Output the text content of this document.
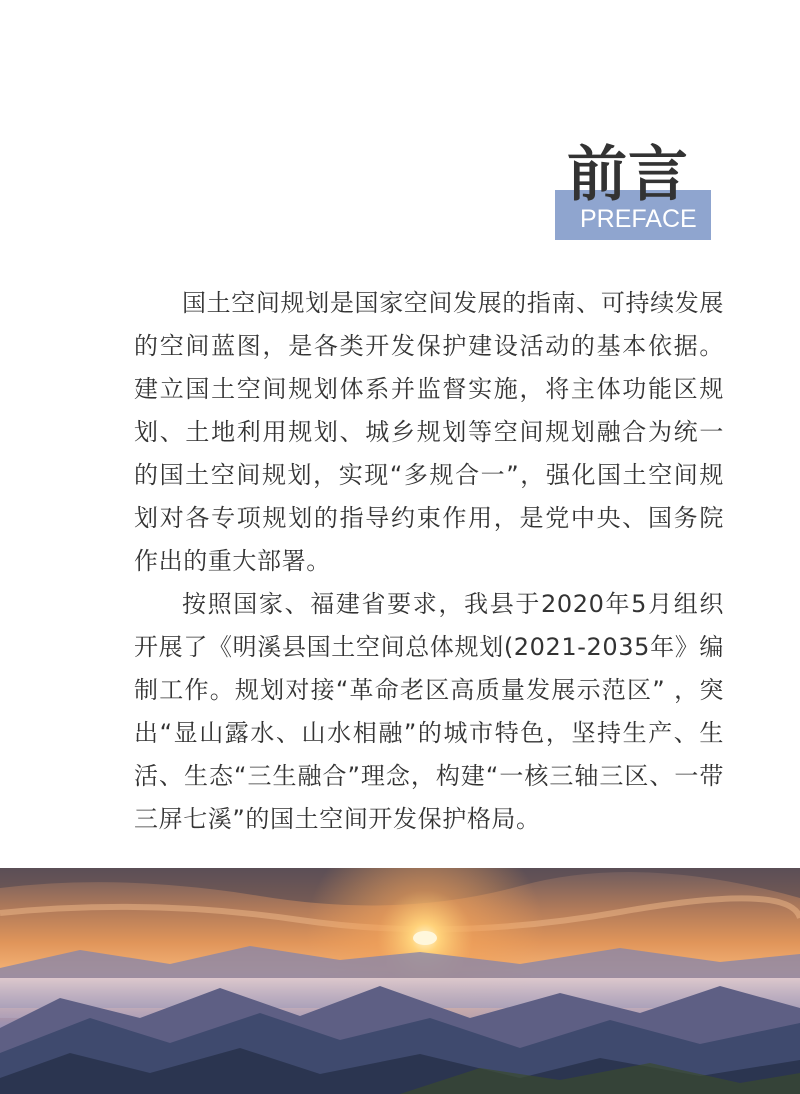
前言
PREFACE

国土空间规划是国家空间发展的指南、可持续发展的空间蓝图，是各类开发保护建设活动的基本依据。建立国土空间规划体系并监督实施，将主体功能区规划、土地利用规划、城乡规划等空间规划融合为统一的国土空间规划，实现“多规合一”，强化国土空间规划对各专项规划的指导约束作用，是党中央、国务院作出的重大部署。

按照国家、福建省要求，我县于2020年5月组织开展了《明溪县国土空间总体规划(2021-2035年》编制工作。规划对接“革命老区高质量发展示范区” ，突出“显山露水、山水相融”的城市特色，坚持生产、生活、生态“三生融合”理念，构建“一核三轴三区、一带三屏七溪”的国土空间开发保护格局。
